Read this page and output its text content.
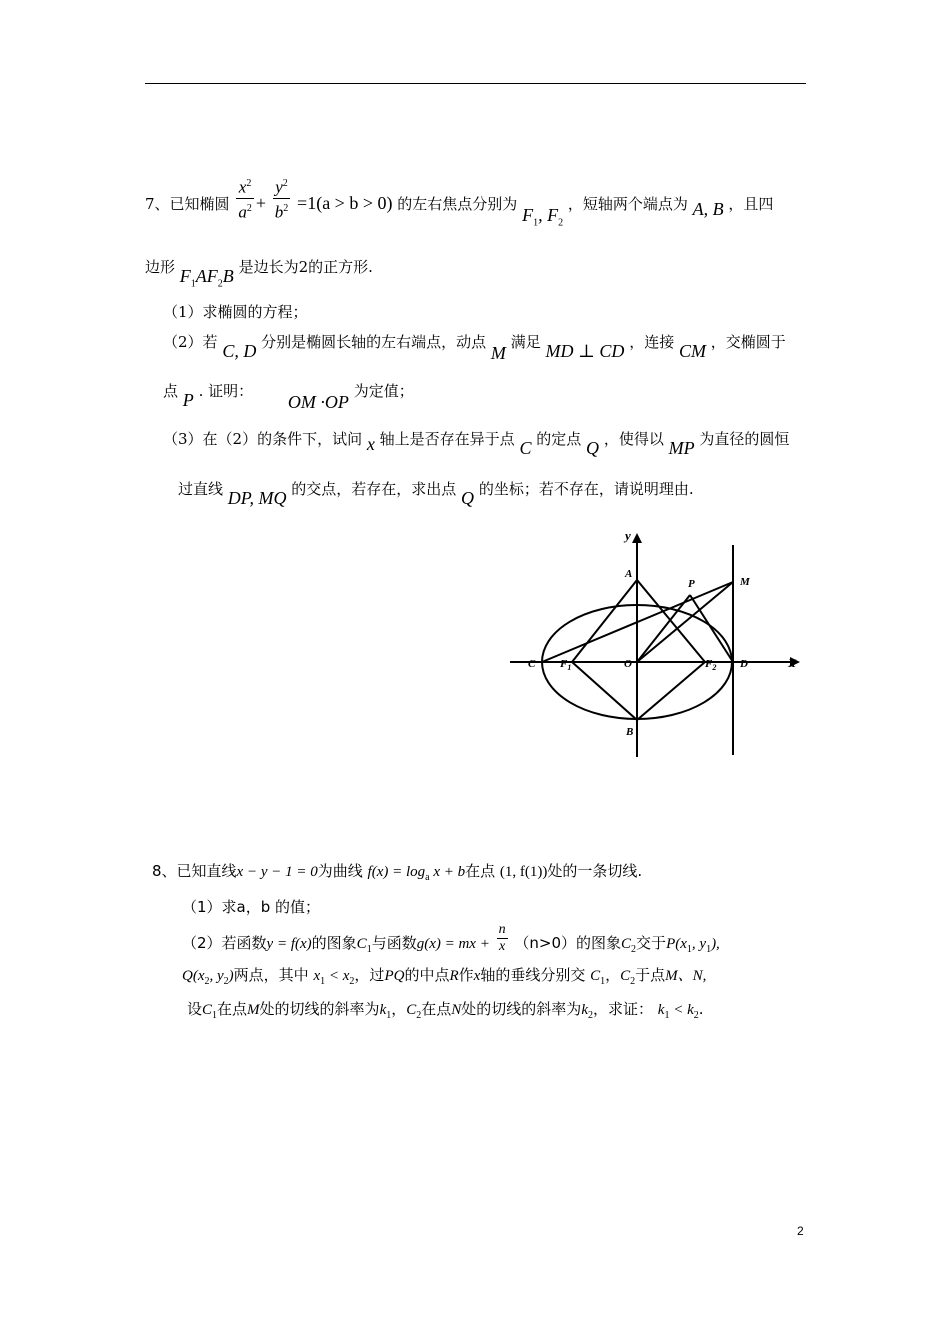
7、已知椭圆 $\frac{x^2}{a^2} + \frac{y^2}{b^2} =1(a > b > 0)$ 的左右焦点分别为 $F_1$, $F_2$ ，短轴两个端点为 A, B ，且四
边形 $F_1AF_2B$ 是边长为2的正方形.
（1）求椭圆的方程；
（2）若 C, D 分别是椭圆长轴的左右端点，动点 M 满足 MD ⊥ CD ，连接 CM ，交椭圆于
点 P . 证明： OM ·OP 为定值；
（3）在（2）的条件下，试问 x 轴上是否存在异于点 C 的定点 Q ，使得以 MP 为直径的圆恒
过直线 DP, MQ 的交点，若存在，求出点 Q 的坐标；若不存在，请说明理由.
y
A
P	M
C $F_1$	O	$F_2$ D	X
B
8、已知直线x − y − 1 = 0为曲线 $f(x) = \log_a x + b$在点 (1, f(1))处的一条切线.
（1）求a，b 的值；
（2）若函数y = f(x)的图象$C_1$与函数g(x) = mx + $\frac{n}{x} (n>0)$的图象$C_2$交于$P(x_1$, $y_1$),
$Q(x_2$, $y_2$)两点，其中 $x_1 < x_2$，过PQ的中点R作x轴的垂线分别交 $C_1$，$C_2$于点M、N,
设$C_1$在点M处的切线的斜率为$k_1$，$C_2$在点N处的切线的斜率为$k_2$，求证： $k_1 < k_2$.
2
